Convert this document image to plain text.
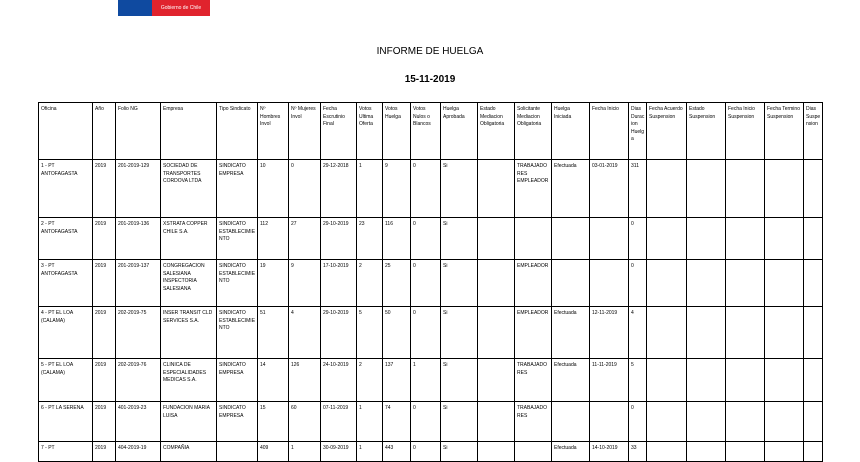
Gobierno de Chile
INFORME DE HUELGA
15-11-2019
Oficina	Año	Folio NG	Empresa	Tipo Sindicato	Nº Hombres Invol	Nº Mujeres Invol	Fecha Escrutinio Final	Votos Ultima Oferta	Votos Huelga	Votos Nulos o Blancos	Huelga Aprobada	Estado Mediacion Obligatoria	Solicitante Mediacion Obligatoria	Huelga Iniciada	Fecha Inicio	Dias Duracion Huelga	Fecha Acuerdo Suspension	Estado Suspension	Fecha Inicio Suspension	Fecha Termino Suspension	Dias Suspension
1 - PT ANTOFAGASTA	2019	201-2019-129	SOCIEDAD DE TRANSPORTES CORDOVA LTDA	SINDICATO EMPRESA	10	0	29-12-2018	1	9	0	Si		TRABAJADORES EMPLEADOR	Efectuada	03-01-2019	311					
2 - PT ANTOFAGASTA	2019	201-2019-136	XSTRATA COPPER CHILE S.A.	SINDICATO ESTABLECIMIENTO	112	27	29-10-2019	23	116	0	Si					0					
3 - PT ANTOFAGASTA	2019	201-2019-137	CONGREGACION SALESIANA INSPECTORIA SALESIANA	SINDICATO ESTABLECIMIENTO	19	9	17-10-2019	2	25	0	Si		EMPLEADOR			0					
4 - PT EL LOA (CALAMA)	2019	202-2019-75	INSER TRANSIT CLD SERVICES S.A.	SINDICATO ESTABLECIMIENTO	51	4	29-10-2019	5	50	0	Si		EMPLEADOR	Efectuada	12-11-2019	4					
5 - PT EL LOA (CALAMA)	2019	202-2019-76	CLINICA DE ESPECIALIDADES MEDICAS S.A.	SINDICATO EMPRESA	14	126	24-10-2019	2	137	1	Si		TRABAJADORES	Efectuada	11-11-2019	5					
6 - PT LA SERENA	2019	401-2019-23	FUNDACION MARIA LUISA	SINDICATO EMPRESA	15	60	07-11-2019	1	74	0	Si		TRABAJADORES			0					
7 - PT	2019	404-2019-19	COMPAÑIA		409	1	30-09-2019	1	443	0	Si			Efectuada	14-10-2019	33					
